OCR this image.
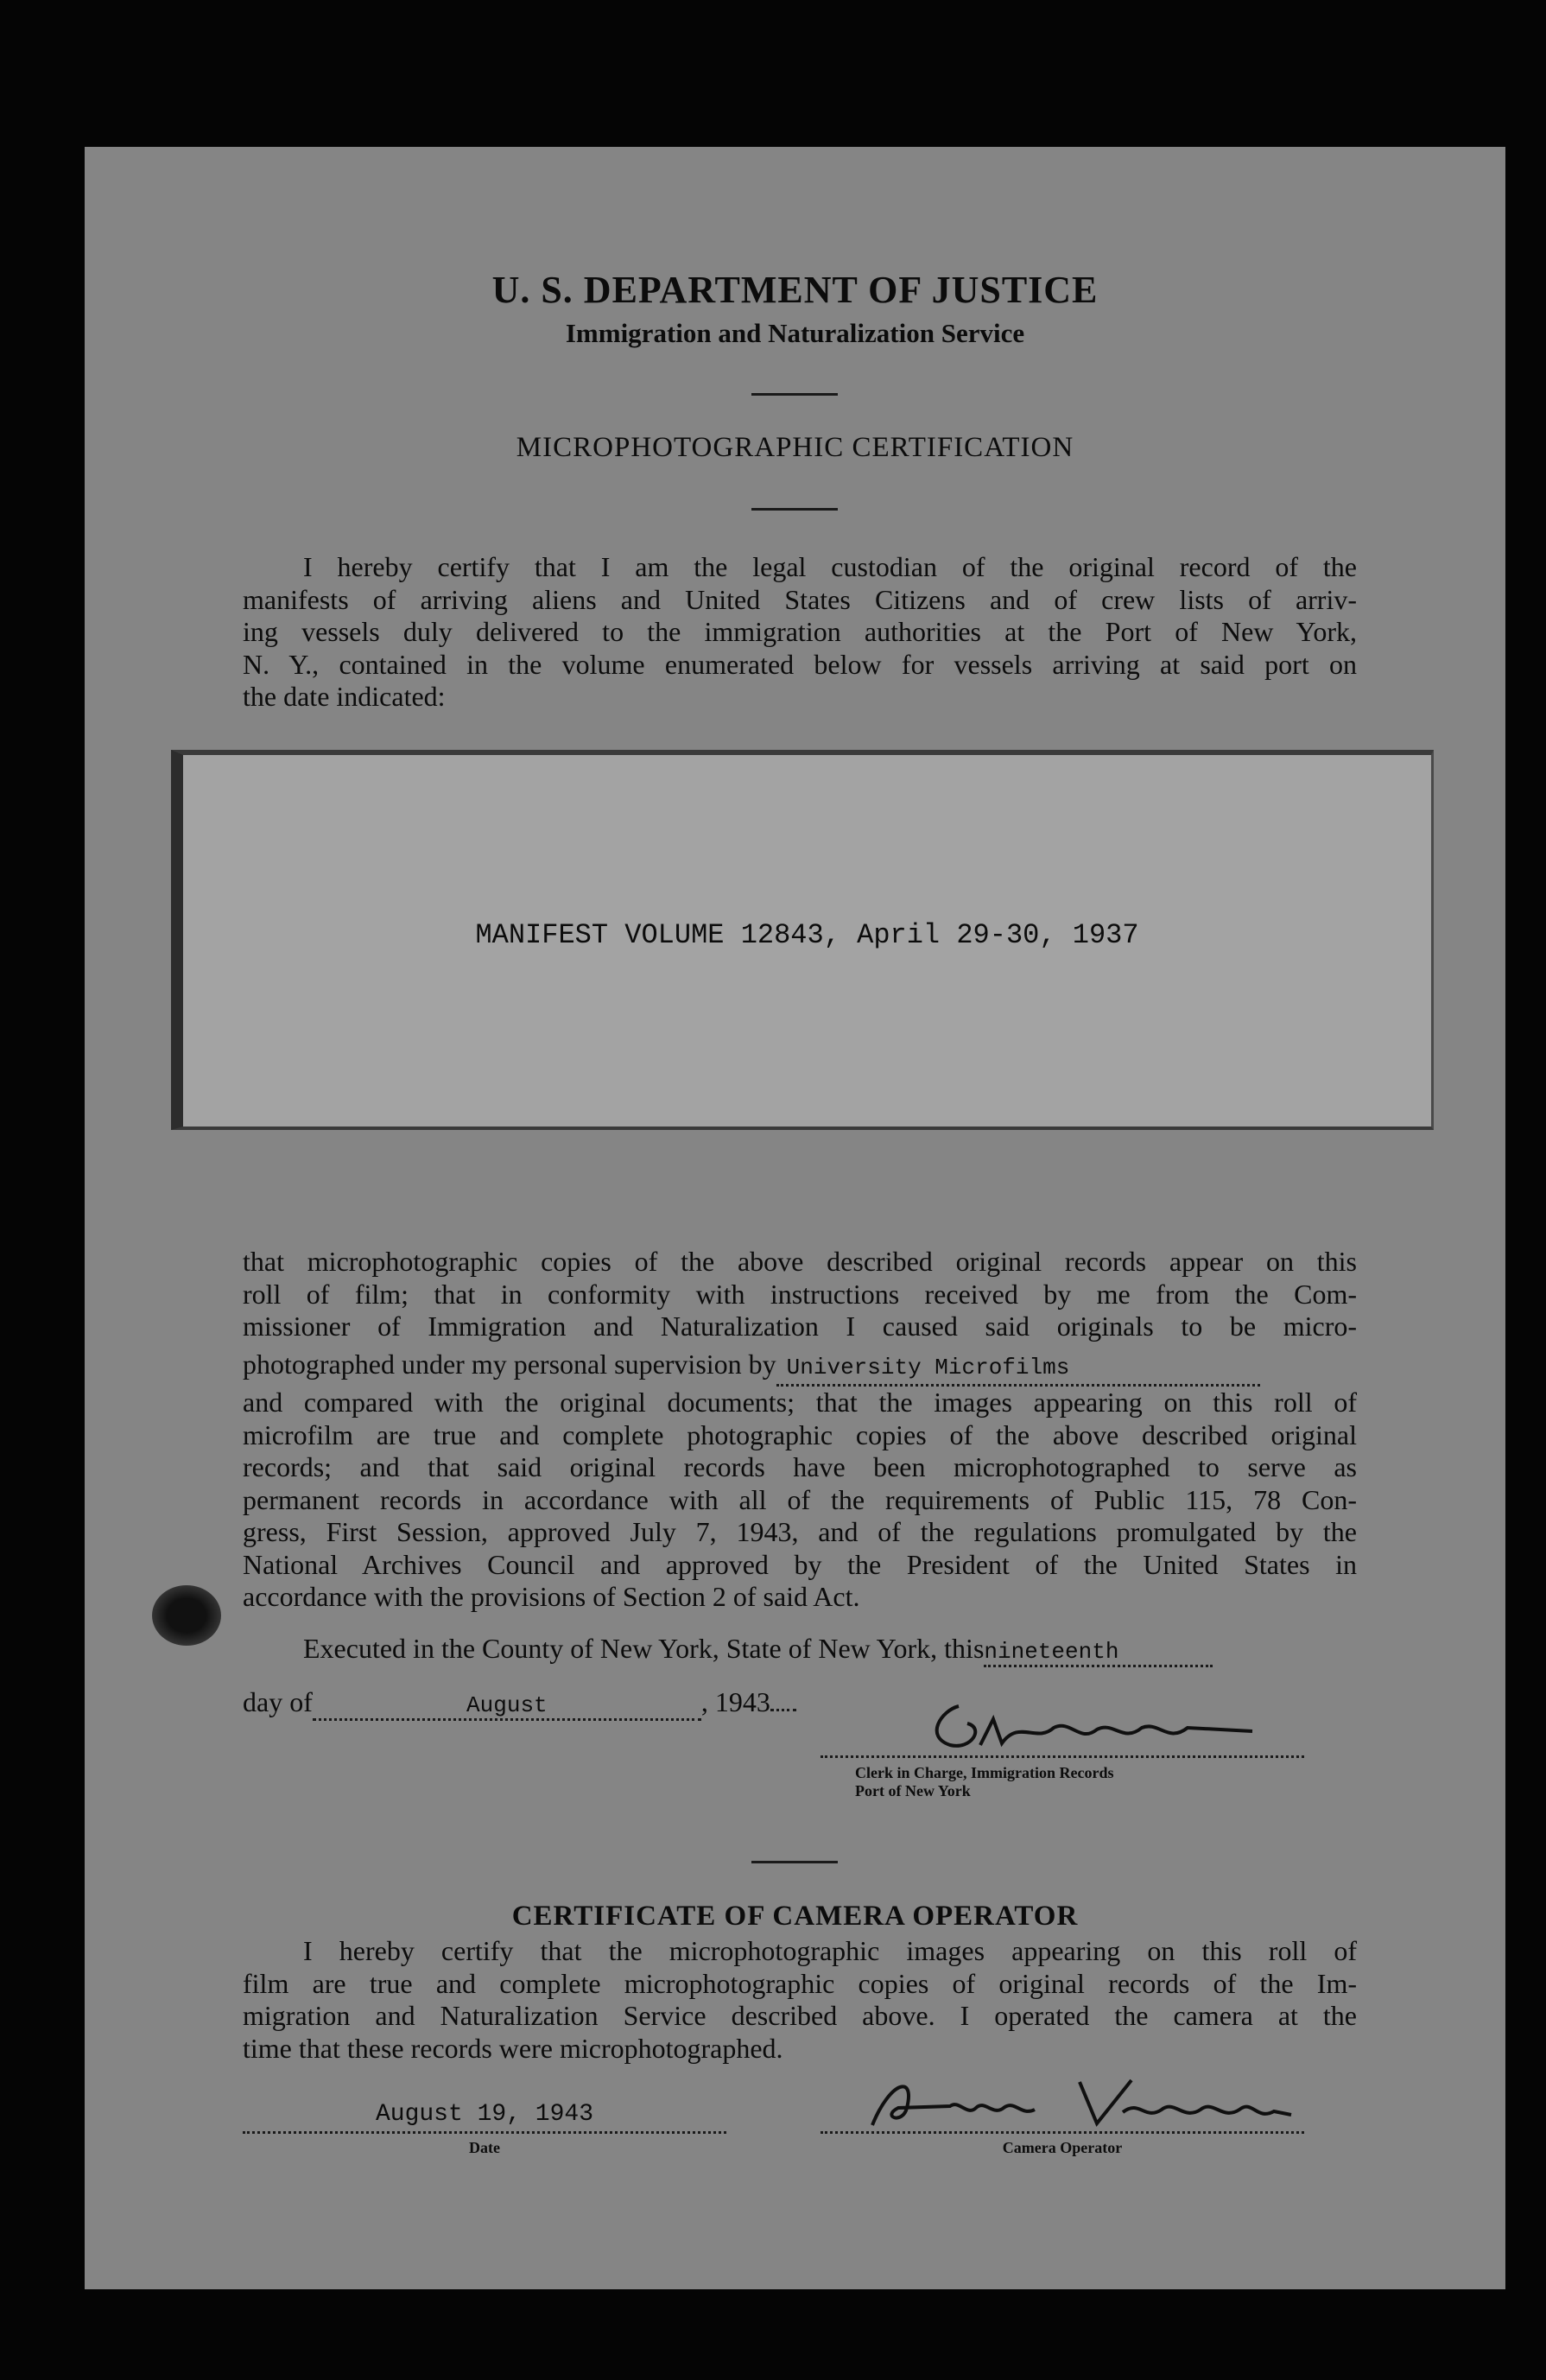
U. S. DEPARTMENT OF JUSTICE
Immigration and Naturalization Service
MICROPHOTOGRAPHIC CERTIFICATION
I hereby certify that I am the legal custodian of the original record of the
manifests of arriving aliens and United States Citizens and of crew lists of arriv-
ing vessels duly delivered to the immigration authorities at the Port of New York,
N. Y., contained in the volume enumerated below for vessels arriving at said port on
the date indicated:
MANIFEST VOLUME 12843, April 29-30, 1937
that microphotographic copies of the above described original records appear on this
roll of film; that in conformity with instructions received by me from the Com-
missioner of Immigration and Naturalization I caused said originals to be micro-
photographed under my personal supervision by University Microfilms
and compared with the original documents; that the images appearing on this roll of
microfilm are true and complete photographic copies of the above described original
records; and that said original records have been microphotographed to serve as
permanent records in accordance with all of the requirements of Public 115, 78 Con-
gress, First Session, approved July 7, 1943, and of the regulations promulgated by the
National Archives Council and approved by the President of the United States in
accordance with the provisions of Section 2 of said Act.
Executed in the County of New York, State of New York, thisnineteenth
day of	August	, 1943
Clerk in Charge, Immigration Records
Port of New York
CERTIFICATE OF CAMERA OPERATOR
I hereby certify that the microphotographic images appearing on this roll of
film are true and complete microphotographic copies of original records of the Im-
migration and Naturalization Service described above. I operated the camera at the
time that these records were microphotographed.
August 19, 1943
Date	Camera Operator
